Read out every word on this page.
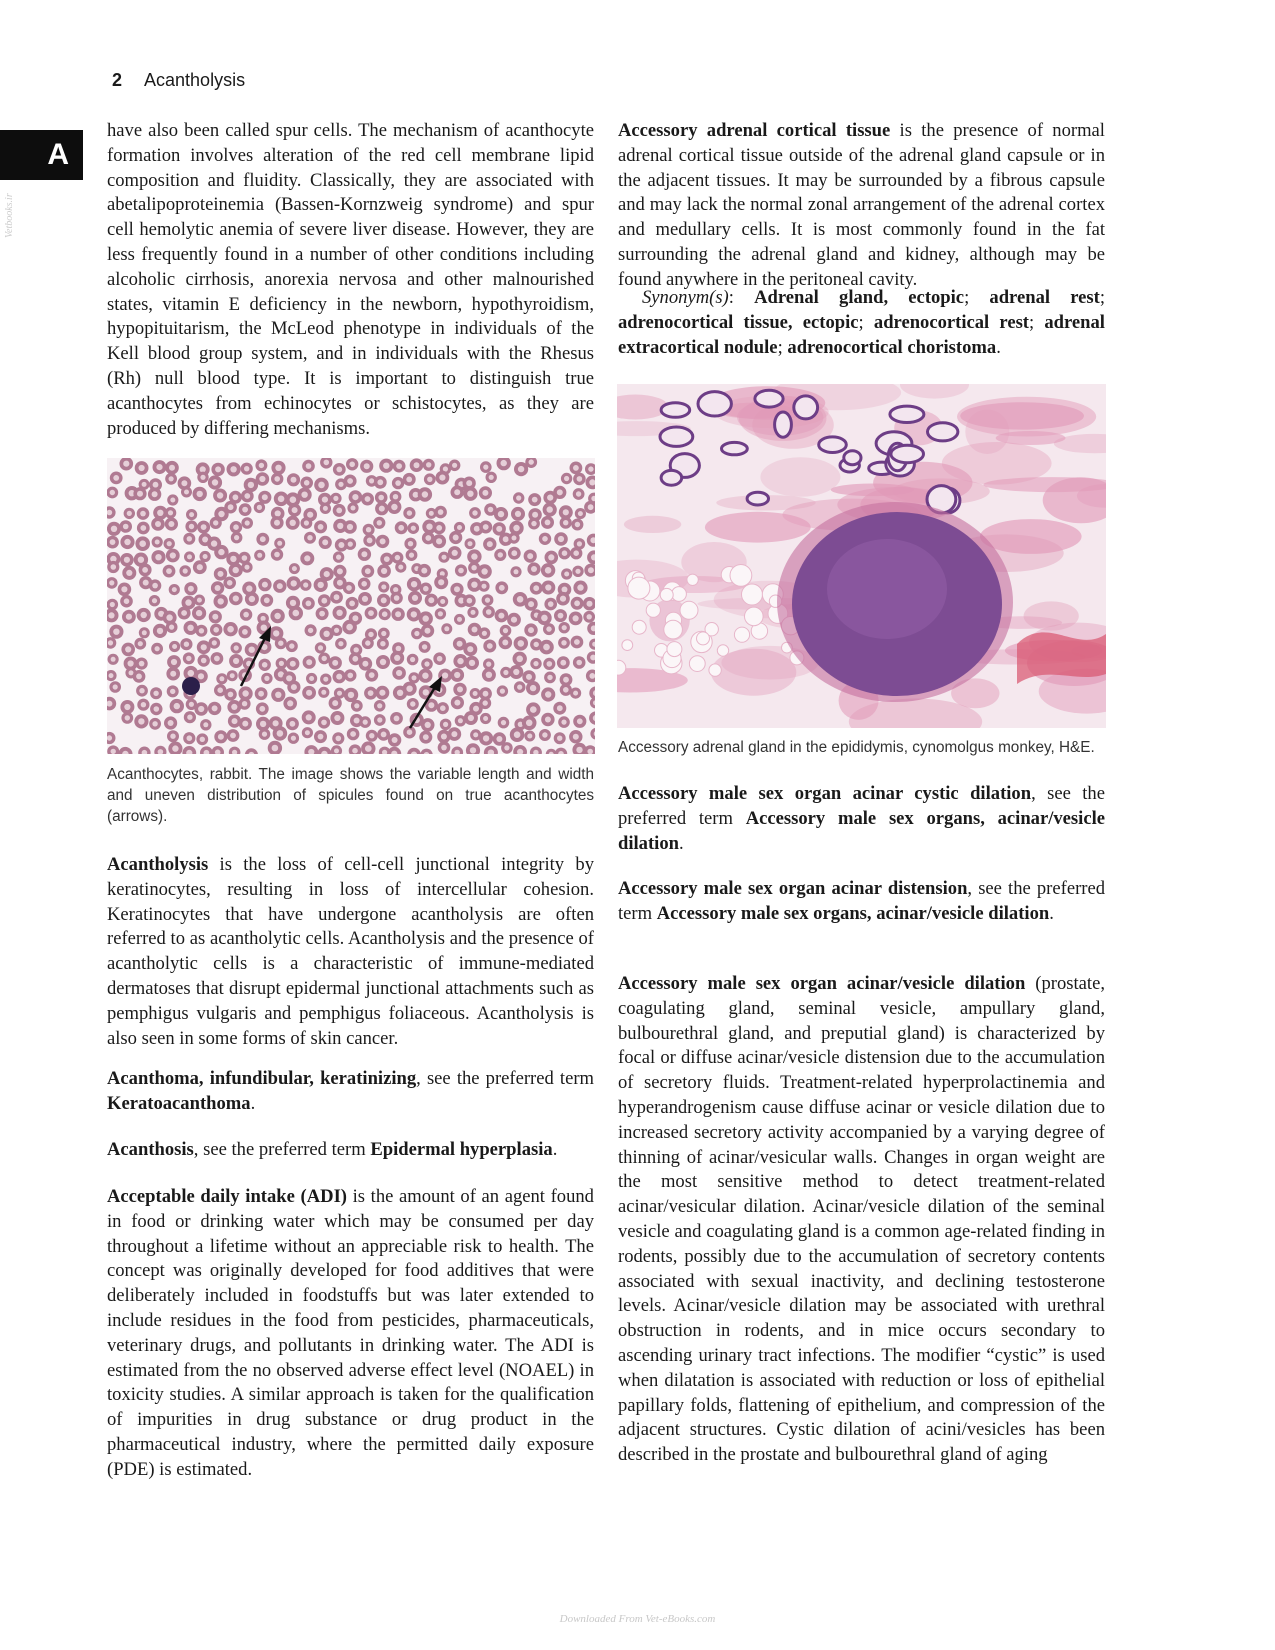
2 Acantholysis
A
Vetbooks.ir

have also been called spur cells. The mechanism of acanthocyte formation involves alteration of the red cell membrane lipid composition and fluidity. Classically, they are associated with abetalipoproteinemia (Bassen-Kornzweig syndrome) and spur cell hemolytic anemia of severe liver disease. However, they are less frequently found in a number of other conditions including alcoholic cirrhosis, anorexia nervosa and other malnourished states, vitamin E deficiency in the newborn, hypothyroidism, hypopituitarism, the McLeod phenotype in individuals of the Kell blood group system, and in individuals with the Rhesus (Rh) null blood type. It is important to distinguish true acanthocytes from echinocytes or schistocytes, as they are produced by differing mechanisms.

Acanthocytes, rabbit. The image shows the variable length and width and uneven distribution of spicules found on true acanthocytes (arrows).

Acantholysis is the loss of cell-cell junctional integrity by keratinocytes, resulting in loss of intercellular cohesion. Keratinocytes that have undergone acantholysis are often referred to as acantholytic cells. Acantholysis and the presence of acantholytic cells is a characteristic of immune-mediated dermatoses that disrupt epidermal junctional attachments such as pemphigus vulgaris and pemphigus foliaceous. Acantholysis is also seen in some forms of skin cancer.

Acanthoma, infundibular, keratinizing, see the preferred term Keratoacanthoma.

Acanthosis, see the preferred term Epidermal hyperplasia.

Acceptable daily intake (ADI) is the amount of an agent found in food or drinking water which may be consumed per day throughout a lifetime without an appreciable risk to health. The concept was originally developed for food additives that were deliberately included in foodstuffs but was later extended to include residues in the food from pesticides, pharmaceuticals, veterinary drugs, and pollutants in drinking water. The ADI is estimated from the no observed adverse effect level (NOAEL) in toxicity studies. A similar approach is taken for the qualification of impurities in drug substance or drug product in the pharmaceutical industry, where the permitted daily exposure (PDE) is estimated.

Accessory adrenal cortical tissue is the presence of normal adrenal cortical tissue outside of the adrenal gland capsule or in the adjacent tissues. It may be surrounded by a fibrous capsule and may lack the normal zonal arrangement of the adrenal cortex and medullary cells. It is most commonly found in the fat surrounding the adrenal gland and kidney, although may be found anywhere in the peritoneal cavity.

Synonym(s): Adrenal gland, ectopic; adrenal rest; adrenocortical tissue, ectopic; adrenocortical rest; adrenal extracortical nodule; adrenocortical choristoma.

Accessory adrenal gland in the epididymis, cynomolgus monkey, H&E.

Accessory male sex organ acinar cystic dilation, see the preferred term Accessory male sex organs, acinar/vesicle dilation.

Accessory male sex organ acinar distension, see the preferred term Accessory male sex organs, acinar/vesicle dilation.

Accessory male sex organ acinar/vesicle dilation (prostate, coagulating gland, seminal vesicle, ampullary gland, bulbourethral gland, and preputial gland) is characterized by focal or diffuse acinar/vesicle distension due to the accumulation of secretory fluids. Treatment-related hyperprolactinemia and hyperandrogenism cause diffuse acinar or vesicle dilation due to increased secretory activity accompanied by a varying degree of thinning of acinar/vesicular walls. Changes in organ weight are the most sensitive method to detect treatment-related acinar/vesicular dilation. Acinar/vesicle dilation of the seminal vesicle and coagulating gland is a common age-related finding in rodents, possibly due to the accumulation of secretory contents associated with sexual inactivity, and declining testosterone levels. Acinar/vesicle dilation may be associated with urethral obstruction in rodents, and in mice occurs secondary to ascending urinary tract infections. The modifier “cystic” is used when dilatation is associated with reduction or loss of epithelial papillary folds, flattening of epithelium, and compression of the adjacent structures. Cystic dilation of acini/vesicles has been described in the prostate and bulbourethral gland of aging

Downloaded From Vet-eBooks.com
